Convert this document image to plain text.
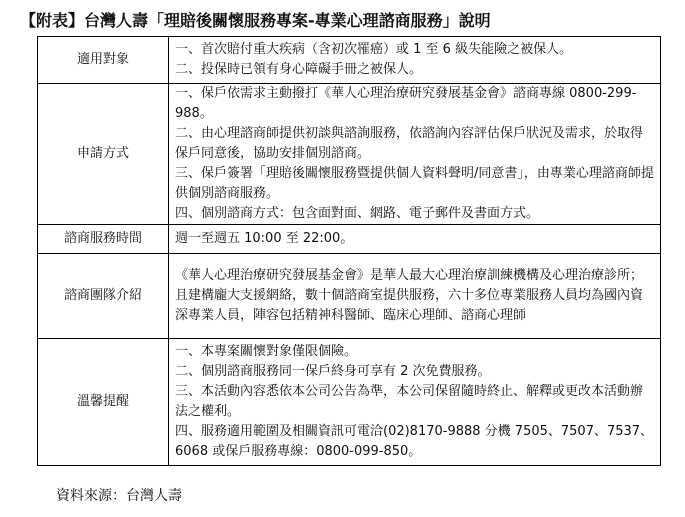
【附表】台灣人壽「理賠後關懷服務專案-專業心理諮商服務」說明
適用對象	一、首次賠付重大疾病（含初次罹癌）或 1 至 6 級失能險之被保人。

二、投保時已領有身心障礙手冊之被保人。

申請方式	一、保戶依需求主動撥打《華人心理治療研究發展基金會》諮商專線 0800-299-988。

二、由心理諮商師提供初談與諮詢服務，依諮詢內容評估保戶狀況及需求，於取得保戶同意後，協助安排個別諮商。

三、保戶簽署「理賠後關懷服務暨提供個人資料聲明/同意書」，由專業心理諮商師提供個別諮商服務。

四、個別諮商方式：包含面對面、網路、電子郵件及書面方式。

諮商服務時間	週一至週五 10:00 至 22:00。

諮商團隊介紹	《華人心理治療研究發展基金會》是華人最大心理治療訓練機構及心理治療診所；且建構龐大支援網絡，數十個諮商室提供服務，六十多位專業服務人員均為國內資深專業人員，陣容包括精神科醫師、臨床心理師、諮商心理師

溫馨提醒	一、本專案關懷對象僅限個險。

二、個別諮商服務同一保戶終身可享有 2 次免費服務。

三、本活動內容悉依本公司公告為準，本公司保留隨時終止、解釋或更改本活動辦法之權利。

四、服務適用範圍及相關資訊可電洽(02)8170-9888 分機 7505、7507、7537、6068 或保戶服務專線：0800-099-850。

資料來源：台灣人壽
